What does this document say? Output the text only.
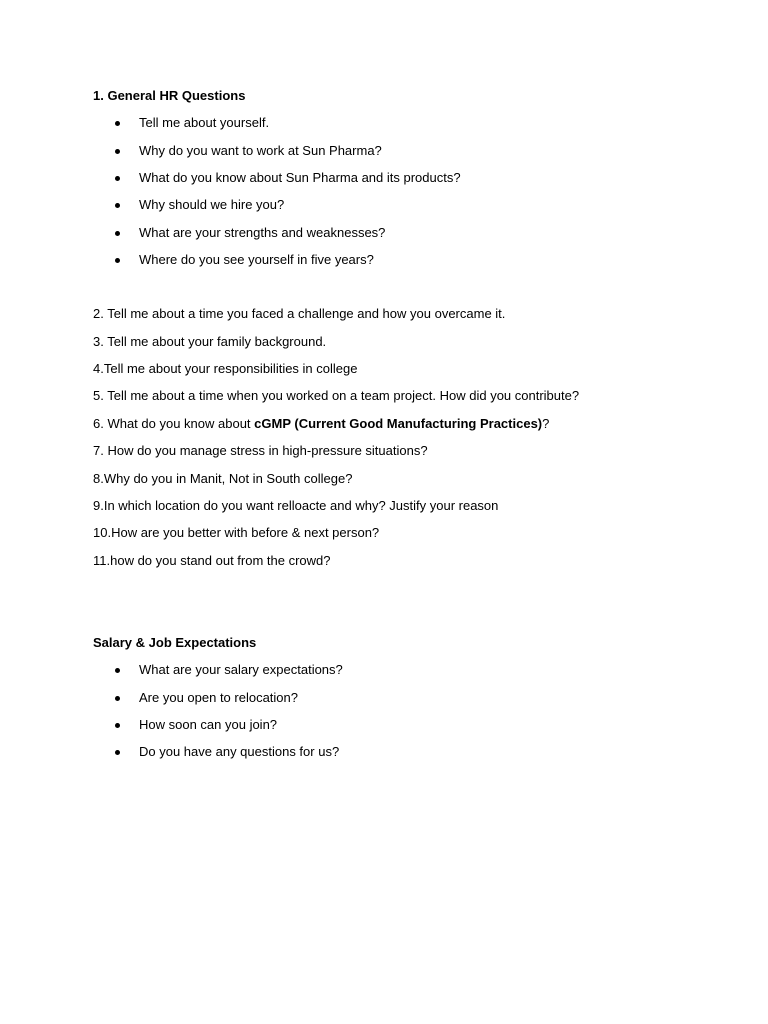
1. General HR Questions
Tell me about yourself.
Why do you want to work at Sun Pharma?
What do you know about Sun Pharma and its products?
Why should we hire you?
What are your strengths and weaknesses?
Where do you see yourself in five years?
2. Tell me about a time you faced a challenge and how you overcame it.
3. Tell me about your family background.
4.Tell me about your responsibilities in college
5. Tell me about a time when you worked on a team project. How did you contribute?
6. What do you know about cGMP (Current Good Manufacturing Practices)?
7. How do you manage stress in high-pressure situations?
8.Why do you in Manit, Not in South college?
9.In which location do you want relloacte and why? Justify your reason
10.How are you better with before & next person?
11.how do you stand out from the crowd?
Salary & Job Expectations
What are your salary expectations?
Are you open to relocation?
How soon can you join?
Do you have any questions for us?
